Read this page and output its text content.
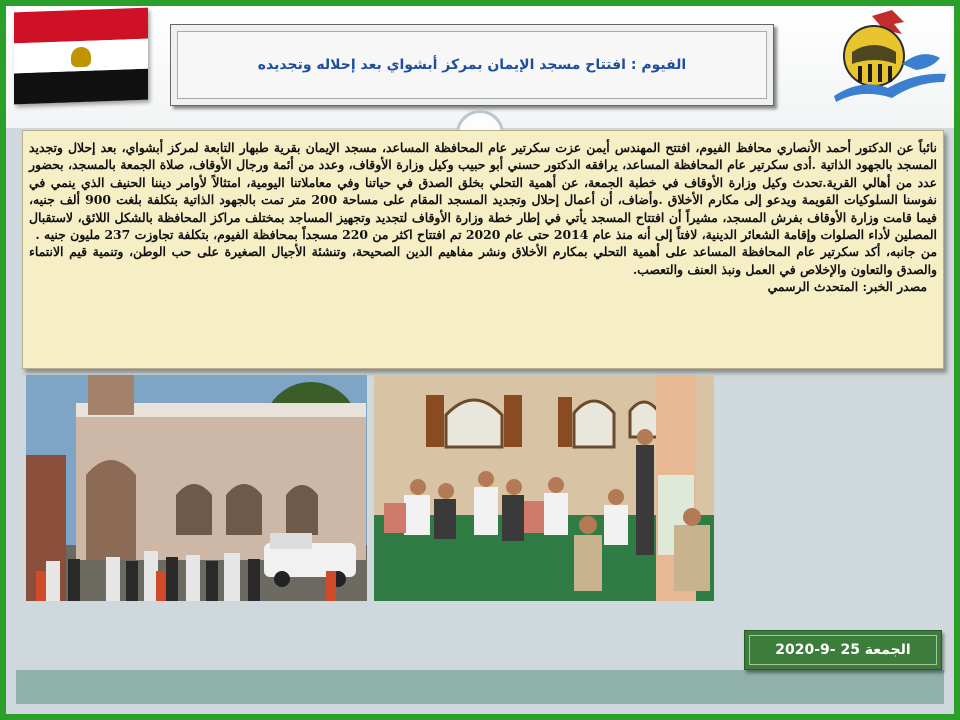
الفيوم : افتتاح مسجد الإيمان بمركز أبشواي بعد إحلاله وتجديده

نائباً عن الدكتور أحمد الأنصاري محافظ الفيوم، افتتح المهندس أيمن عزت سكرتير عام المحافظة المساعد، مسجد الإيمان بقرية طبهار التابعة لمركز أبشواي، بعد إحلال وتجديد المسجد بالجهود الذاتية .أدى سكرتير عام المحافظة المساعد، يرافقه الدكتور حسني أبو حبيب وكيل وزارة الأوقاف، وعدد من أئمة ورجال الأوقاف، صلاة الجمعة بالمسجد، بحضور عدد من أهالي القرية.تحدث وكيل وزارة الأوقاف في خطبة الجمعة، عن أهمية التحلي بخلق الصدق في حياتنا وفي معاملاتنا اليومية، امتثالاً لأوامر ديننا الحنيف الذي ينمي في نفوسنا السلوكيات القويمة ويدعو إلى مكارم الأخلاق .وأضاف، أن أعمال إحلال وتجديد المسجد المقام على مساحة 200 متر تمت بالجهود الذاتية بتكلفة بلغت 900 ألف جنيه، فيما قامت وزارة الأوقاف بفرش المسجد، مشيراً أن افتتاح المسجد يأتي في إطار خطة وزارة الأوقاف لتجديد وتجهيز المساجد بمختلف مراكز المحافظة بالشكل اللائق، لاستقبال المصلين لأداء الصلوات وإقامة الشعائر الدينية، لافتاً إلى أنه منذ عام 2014 حتى عام 2020 تم افتتاح اكثر من 220 مسجداً بمحافظة الفيوم، بتكلفة تجاوزت 237 مليون جنيه .

من جانبه، أكد سكرتير عام المحافظة المساعد على أهمية التحلي بمكارم الأخلاق ونشر مفاهيم الدين الصحيحة، وتنشئة الأجيال الصغيرة على حب الوطن، وتنمية قيم الانتماء والصدق والتعاون والإخلاص في العمل ونبذ العنف والتعصب.

مصدر الخبر: المتحدث الرسمي

الجمعة 25 -9-2020
